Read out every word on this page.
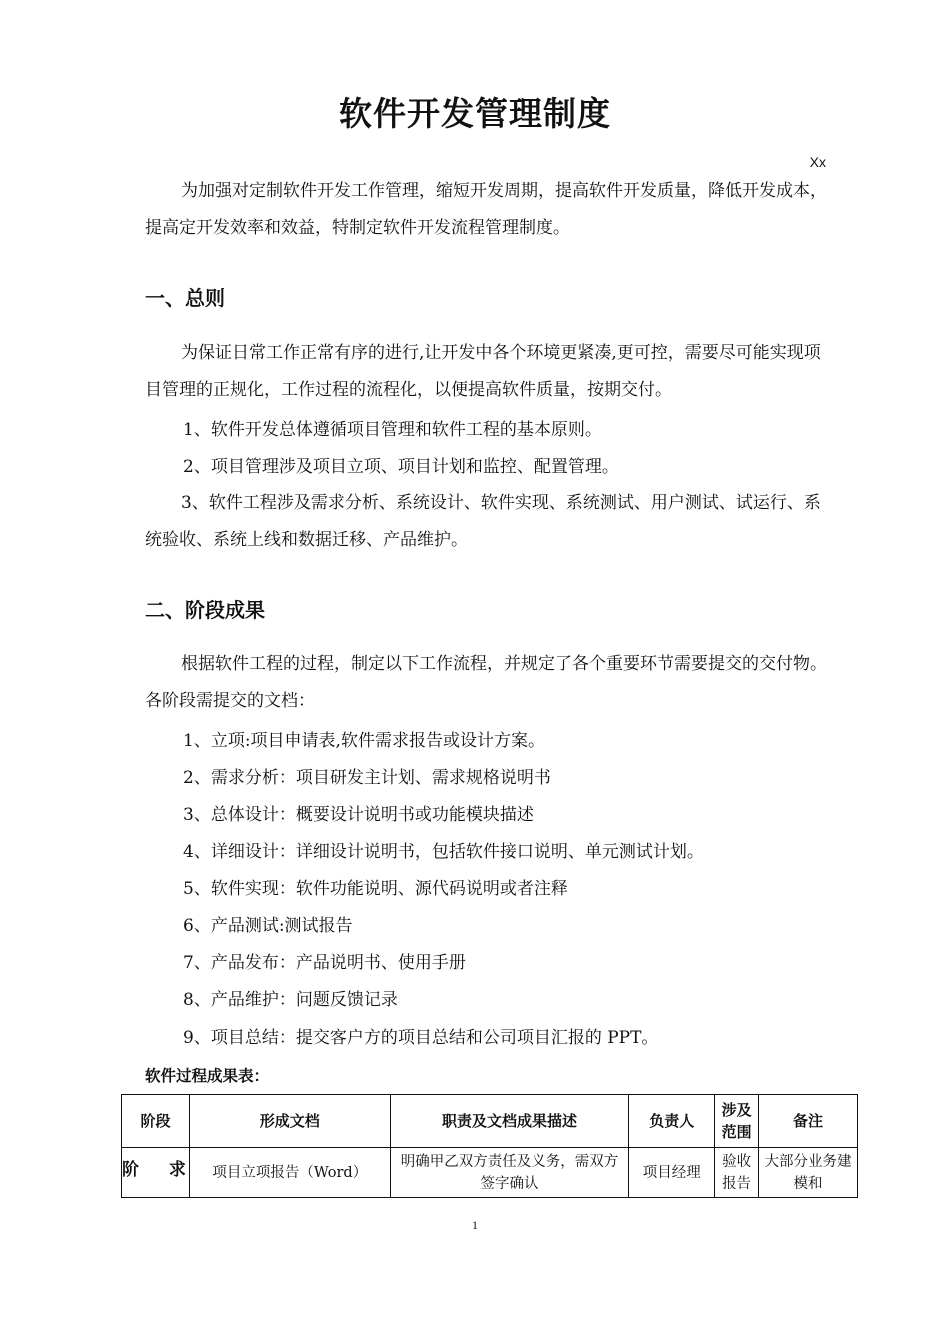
软件开发管理制度
Xx

为加强对定制软件开发工作管理，缩短开发周期，提高软件开发质量，降低开发成本，提高定开发效率和效益，特制定软件开发流程管理制度。

一、总则

为保证日常工作正常有序的进行,让开发中各个环境更紧凑,更可控，需要尽可能实现项目管理的正规化，工作过程的流程化，以便提高软件质量，按期交付。

1、软件开发总体遵循项目管理和软件工程的基本原则。

2、项目管理涉及项目立项、项目计划和监控、配置管理。

3、软件工程涉及需求分析、系统设计、软件实现、系统测试、用户测试、试运行、系统验收、系统上线和数据迁移、产品维护。

二、阶段成果

根据软件工程的过程，制定以下工作流程，并规定了各个重要环节需要提交的交付物。各阶段需提交的文档：

1、立项:项目申请表,软件需求报告或设计方案。

2、需求分析：项目研发主计划、需求规格说明书

3、总体设计：概要设计说明书或功能模块描述

4、详细设计：详细设计说明书，包括软件接口说明、单元测试计划。

5、软件实现：软件功能说明、源代码说明或者注释

6、产品测试:测试报告

7、产品发布：产品说明书、使用手册

8、产品维护：问题反馈记录

9、项目总结：提交客户方的项目总结和公司项目汇报的 PPT。

软件过程成果表：
阶段	形成文档	职责及文档成果描述	负责人	涉及范围	备注

阶 求	项目立项报告（Word）	明确甲乙双方责任及义务，需双方签字确认	项目经理	验收报告	大部分业务建模和
1
